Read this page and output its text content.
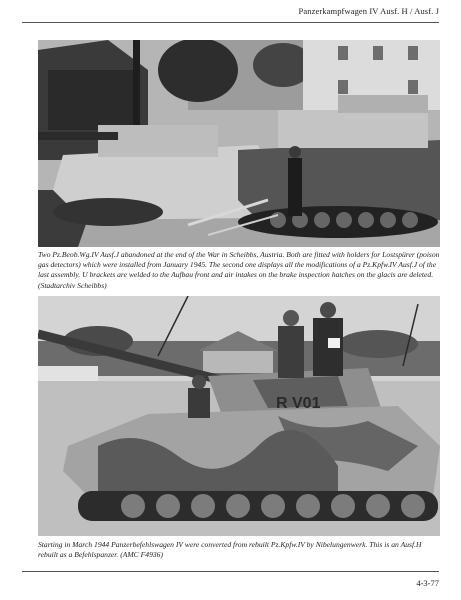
Panzerkampfwagen IV Ausf. H / Ausf. J

Two Pz.Beob.Wg.IV Ausf.J abandoned at the end of the War in Scheibbs, Austria. Both are fitted with holders for Lostspürer (poison gas detectors) which were installed from January 1945. The second one displays all the modifications of a Pz.Kpfw.IV Ausf.J of the last assembly. U brackets are welded to the Aufbau front and air intakes on the brake inspection hatches on the glacis are deleted. (Stadtarchiv Scheibbs)

R V01

Starting in March 1944 Panzerbefehlswagen IV were converted from rebuilt Pz.Kpfw.IV by Nibelungenwerk. This is an Ausf.H rebuilt as a Befehlspanzer. (AMC F4936)

4-3-77
